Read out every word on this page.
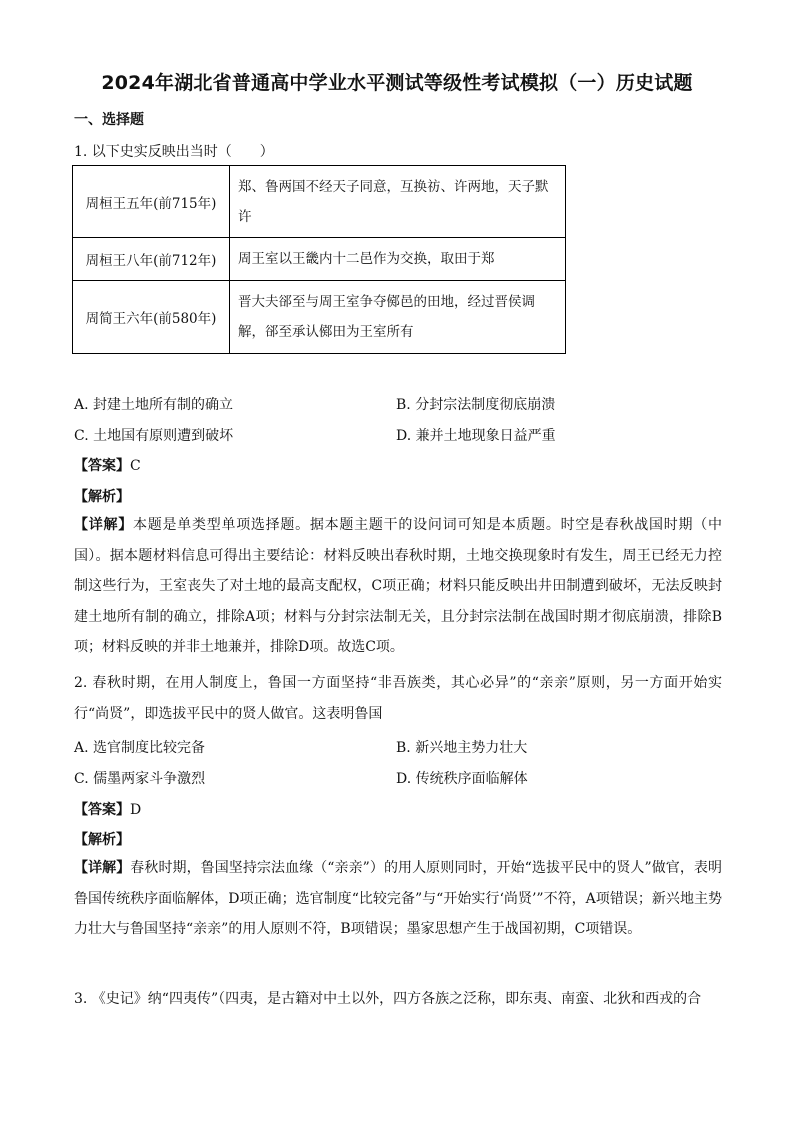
2024年湖北省普通高中学业水平测试等级性考试模拟（一）历史试题
一、选择题
1. 以下史实反映出当时（　　）
周桓王五年(前715年)	郑、鲁两国不经天子同意，互换祊、许两地，天子默许
周桓王八年(前712年)	周王室以王畿内十二邑作为交换，取田于郑
周简王六年(前580年)	晋大夫郤至与周王室争夺鄇邑的田地，经过晋侯调解，郤至承认鄇田为王室所有
A. 封建土地所有制的确立	B. 分封宗法制度彻底崩溃
C. 土地国有原则遭到破坏	D. 兼并土地现象日益严重
【答案】C
【解析】
【详解】本题是单类型单项选择题。据本题主题干的设问词可知是本质题。时空是春秋战国时期（中国）。据本题材料信息可得出主要结论：材料反映出春秋时期，土地交换现象时有发生，周王已经无力控制这些行为，王室丧失了对土地的最高支配权，C项正确；材料只能反映出井田制遭到破坏，无法反映封建土地所有制的确立，排除A项；材料与分封宗法制无关，且分封宗法制在战国时期才彻底崩溃，排除B项；材料反映的并非土地兼并，排除D项。故选C项。
2. 春秋时期，在用人制度上，鲁国一方面坚持“非吾族类，其心必异”的“亲亲”原则，另一方面开始实行“尚贤”，即选拔平民中的贤人做官。这表明鲁国
A. 选官制度比较完备	B. 新兴地主势力壮大
C. 儒墨两家斗争激烈	D. 传统秩序面临解体
【答案】D
【解析】
【详解】春秋时期，鲁国坚持宗法血缘（“亲亲”）的用人原则同时，开始“选拔平民中的贤人”做官，表明鲁国传统秩序面临解体，D项正确；选官制度“比较完备”与“开始实行‘尚贤’”不符，A项错误；新兴地主势力壮大与鲁国坚持“亲亲”的用人原则不符，B项错误；墨家思想产生于战国初期，C项错误。
3. 《史记》纳“四夷传”（四夷，是古籍对中土以外，四方各族之泛称，即东夷、南蛮、北狄和西戎的合
